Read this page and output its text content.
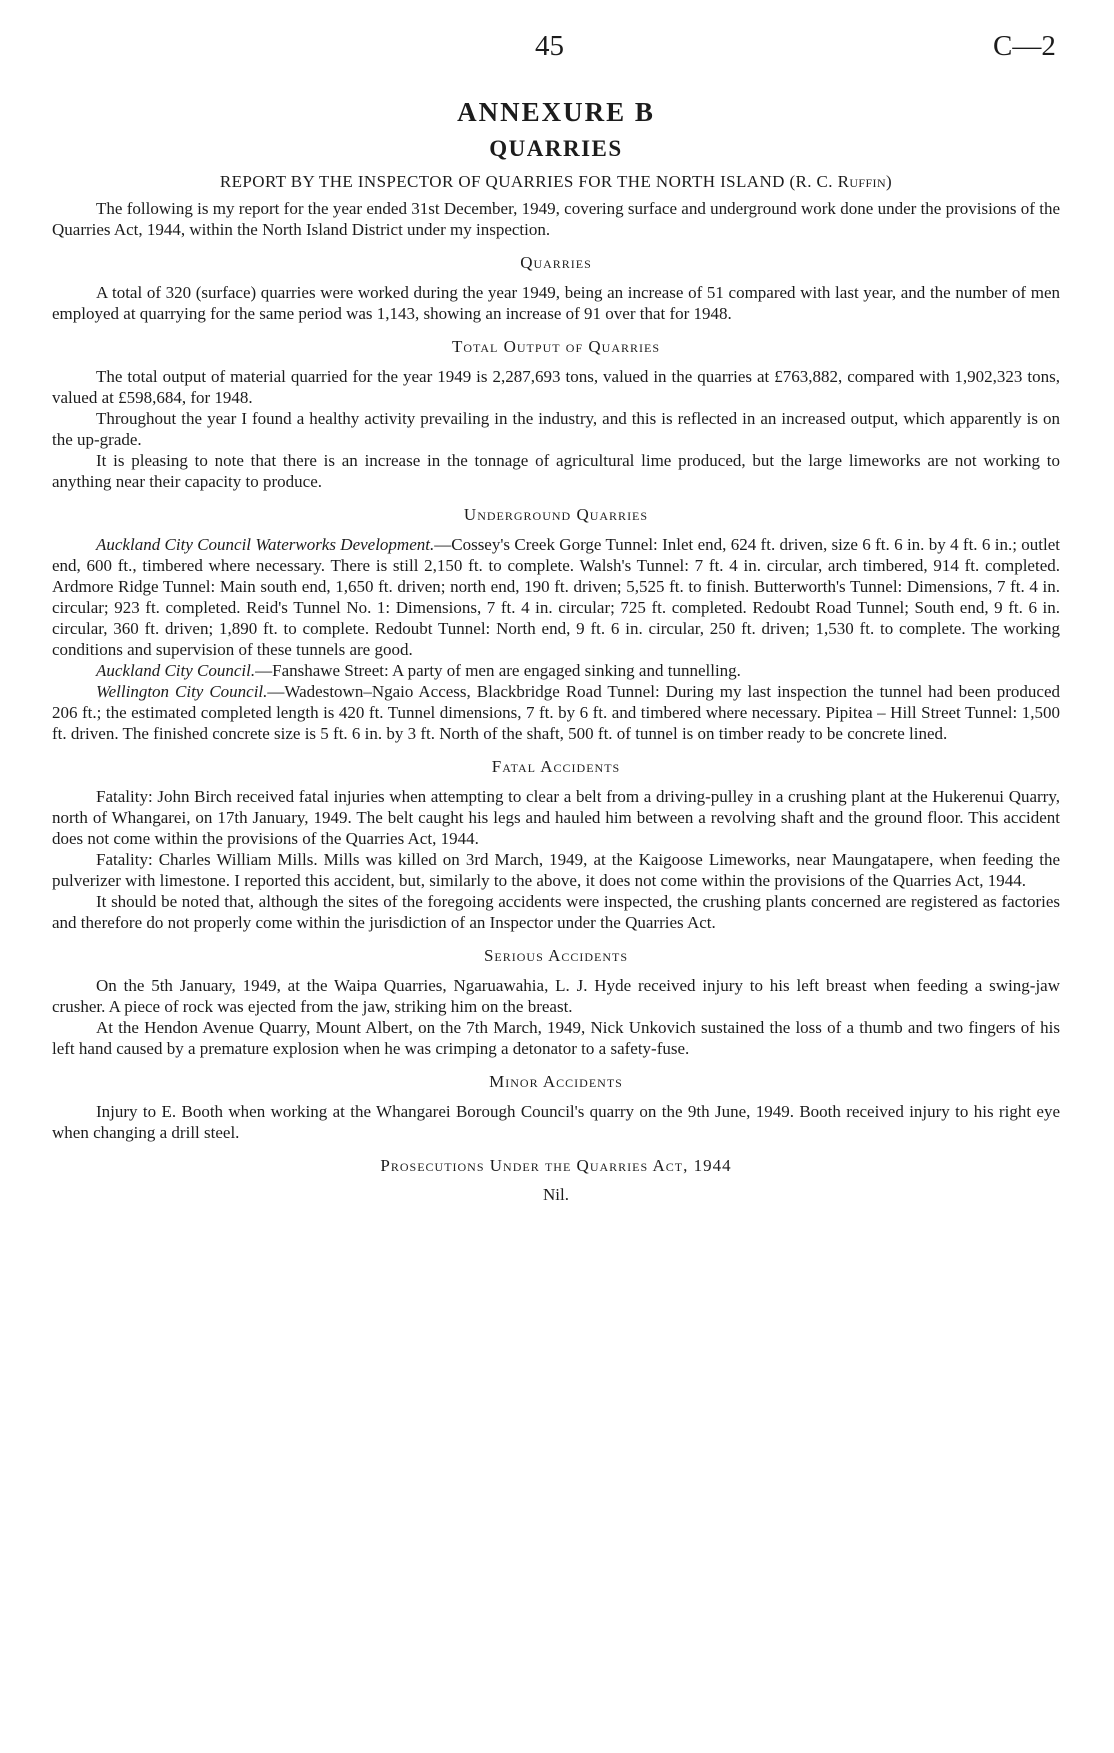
45	C—2
ANNEXURE B
QUARRIES
REPORT BY THE INSPECTOR OF QUARRIES FOR THE NORTH ISLAND (R. C. Ruffin)

The following is my report for the year ended 31st December, 1949, covering surface and underground work done under the provisions of the Quarries Act, 1944, within the North Island District under my inspection.

Quarries

A total of 320 (surface) quarries were worked during the year 1949, being an increase of 51 compared with last year, and the number of men employed at quarrying for the same period was 1,143, showing an increase of 91 over that for 1948.

Total Output of Quarries

The total output of material quarried for the year 1949 is 2,287,693 tons, valued in the quarries at £763,882, compared with 1,902,323 tons, valued at £598,684, for 1948.

Throughout the year I found a healthy activity prevailing in the industry, and this is reflected in an increased output, which apparently is on the up-grade.

It is pleasing to note that there is an increase in the tonnage of agricultural lime produced, but the large limeworks are not working to anything near their capacity to produce.

Underground Quarries

Auckland City Council Waterworks Development.—Cossey's Creek Gorge Tunnel: Inlet end, 624 ft. driven, size 6 ft. 6 in. by 4 ft. 6 in.; outlet end, 600 ft., timbered where necessary. There is still 2,150 ft. to complete. Walsh's Tunnel: 7 ft. 4 in. circular, arch timbered, 914 ft. completed. Ardmore Ridge Tunnel: Main south end, 1,650 ft. driven; north end, 190 ft. driven; 5,525 ft. to finish. Butterworth's Tunnel: Dimensions, 7 ft. 4 in. circular; 923 ft. completed. Reid's Tunnel No. 1: Dimensions, 7 ft. 4 in. circular; 725 ft. completed. Redoubt Road Tunnel; South end, 9 ft. 6 in. circular, 360 ft. driven; 1,890 ft. to complete. Redoubt Tunnel: North end, 9 ft. 6 in. circular, 250 ft. driven; 1,530 ft. to complete. The working conditions and supervision of these tunnels are good.

Auckland City Council.—Fanshawe Street: A party of men are engaged sinking and tunnelling.

Wellington City Council.—Wadestown–Ngaio Access, Blackbridge Road Tunnel: During my last inspection the tunnel had been produced 206 ft.; the estimated completed length is 420 ft. Tunnel dimensions, 7 ft. by 6 ft. and timbered where necessary. Pipitea – Hill Street Tunnel: 1,500 ft. driven. The finished concrete size is 5 ft. 6 in. by 3 ft. North of the shaft, 500 ft. of tunnel is on timber ready to be concrete lined.

Fatal Accidents

Fatality: John Birch received fatal injuries when attempting to clear a belt from a driving-pulley in a crushing plant at the Hukerenui Quarry, north of Whangarei, on 17th January, 1949. The belt caught his legs and hauled him between a revolving shaft and the ground floor. This accident does not come within the provisions of the Quarries Act, 1944.

Fatality: Charles William Mills. Mills was killed on 3rd March, 1949, at the Kaigoose Limeworks, near Maungatapere, when feeding the pulverizer with limestone. I reported this accident, but, similarly to the above, it does not come within the provisions of the Quarries Act, 1944.

It should be noted that, although the sites of the foregoing accidents were inspected, the crushing plants concerned are registered as factories and therefore do not properly come within the jurisdiction of an Inspector under the Quarries Act.

Serious Accidents

On the 5th January, 1949, at the Waipa Quarries, Ngaruawahia, L. J. Hyde received injury to his left breast when feeding a swing-jaw crusher. A piece of rock was ejected from the jaw, striking him on the breast.

At the Hendon Avenue Quarry, Mount Albert, on the 7th March, 1949, Nick Unkovich sustained the loss of a thumb and two fingers of his left hand caused by a premature explosion when he was crimping a detonator to a safety-fuse.

Minor Accidents

Injury to E. Booth when working at the Whangarei Borough Council's quarry on the 9th June, 1949. Booth received injury to his right eye when changing a drill steel.

Prosecutions Under the Quarries Act, 1944
Nil.
